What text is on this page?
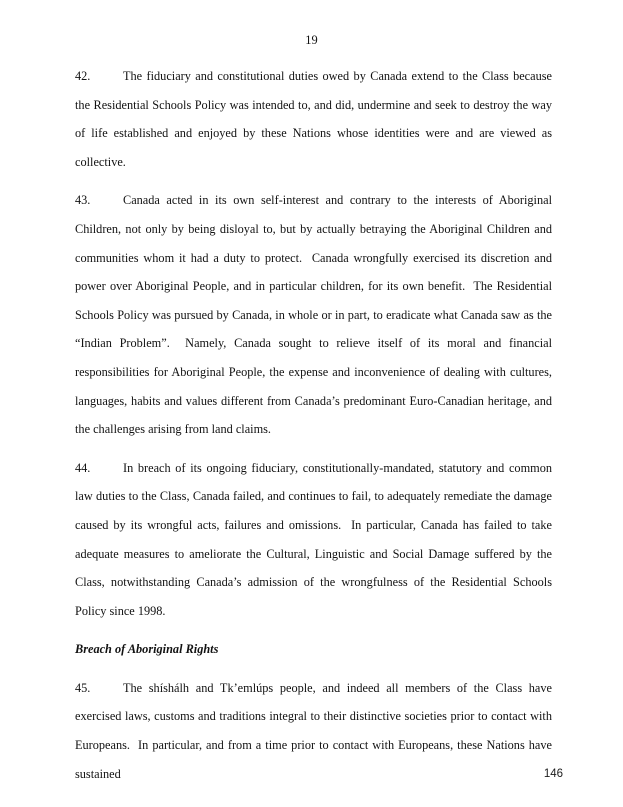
19

42.	The fiduciary and constitutional duties owed by Canada extend to the Class because the Residential Schools Policy was intended to, and did, undermine and seek to destroy the way of life established and enjoyed by these Nations whose identities were and are viewed as collective.

43.	Canada acted in its own self-interest and contrary to the interests of Aboriginal Children, not only by being disloyal to, but by actually betraying the Aboriginal Children and communities whom it had a duty to protect.  Canada wrongfully exercised its discretion and power over Aboriginal People, and in particular children, for its own benefit.  The Residential Schools Policy was pursued by Canada, in whole or in part, to eradicate what Canada saw as the “Indian Problem”.  Namely, Canada sought to relieve itself of its moral and financial responsibilities for Aboriginal People, the expense and inconvenience of dealing with cultures, languages, habits and values different from Canada’s predominant Euro-Canadian heritage, and the challenges arising from land claims.

44.	In breach of its ongoing fiduciary, constitutionally-mandated, statutory and common law duties to the Class, Canada failed, and continues to fail, to adequately remediate the damage caused by its wrongful acts, failures and omissions.  In particular, Canada has failed to take adequate measures to ameliorate the Cultural, Linguistic and Social Damage suffered by the Class, notwithstanding Canada’s admission of the wrongfulness of the Residential Schools Policy since 1998.

Breach of Aboriginal Rights

45.	The shíshálh and Tk’emlúps people, and indeed all members of the Class have exercised laws, customs and traditions integral to their distinctive societies prior to contact with Europeans.  In particular, and from a time prior to contact with Europeans, these Nations have sustained	146
